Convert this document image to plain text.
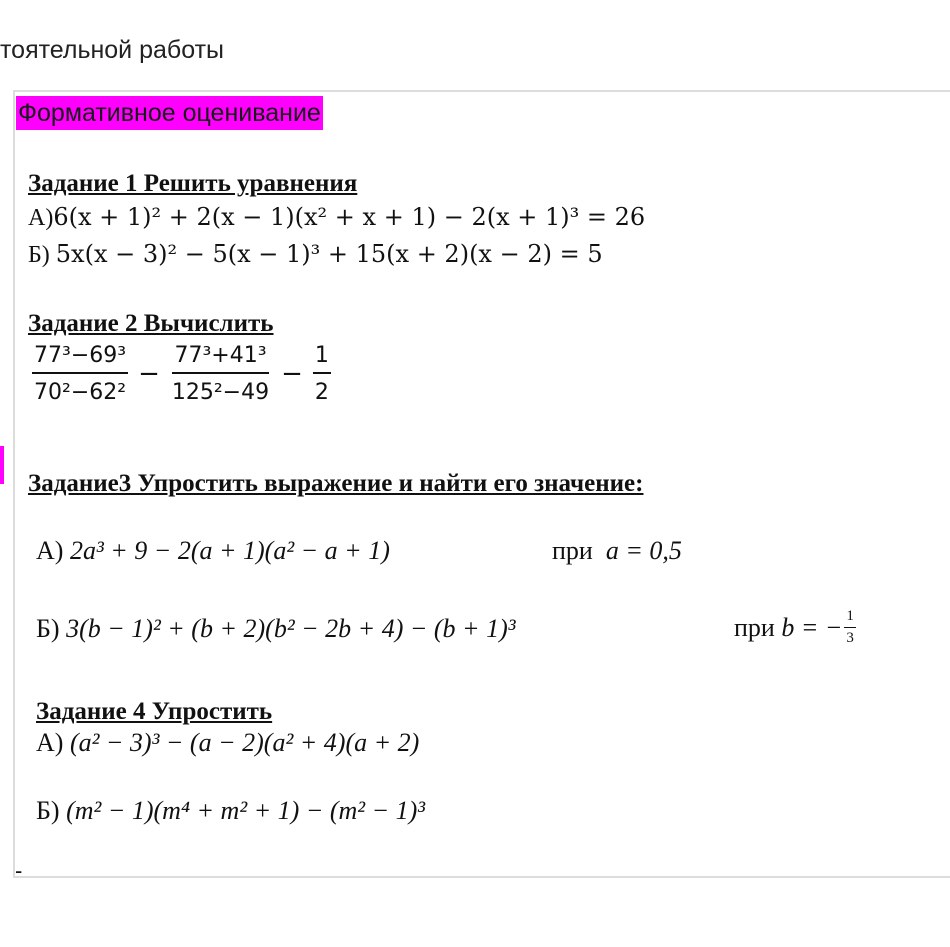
тоятельной работы
Формативное оценивание
Задание 1 Решить уравнения
А)6(x + 1)² + 2(x − 1)(x² + x + 1) − 2(x + 1)³ = 26
Б) 5x(x − 3)² − 5(x − 1)³ + 15(x + 2)(x − 2) = 5
Задание 2 Вычислить
$\frac{\text{77³−69³}}{\text{70²−62²}} - \frac{\text{77³+41³}}{\text{125²−49}} - \frac{1}{2}$
Задание3 Упростить выражение и найти его значение:
А) 2a³ + 9 − 2(a + 1)(a² − a + 1)	при a = 0,5
Б) 3(b − 1)² + (b + 2)(b² − 2b + 4) − (b + 1)³	при
b = − $\frac{1}{3}$
Задание 4 Упростить
А) (a² − 3)³ − (a − 2)(a² + 4)(a + 2)
Б) (m² − 1)(m⁴ + m² + 1) − (m² − 1)³
-
